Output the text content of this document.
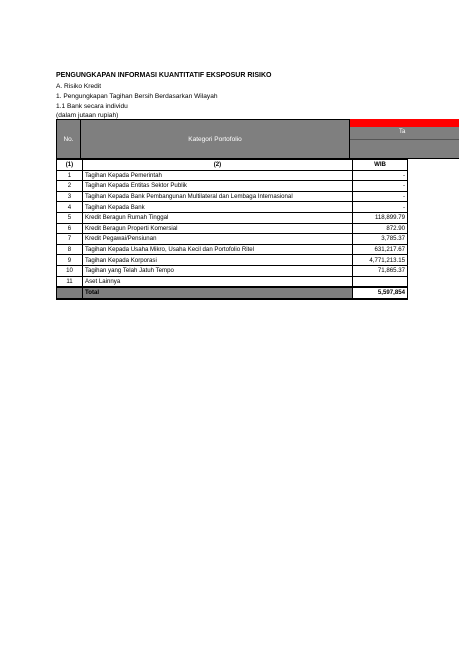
PENGUNGKAPAN INFORMASI KUANTITATIF EKSPOSUR RISIKO
A. Risiko Kredit
1. Pengungkapan Tagihan Bersih Berdasarkan Wilayah
1.1 Bank secara individu
(dalam jutaan rupiah)
No.	Kategori Portofolio
Ta
(1)	(2)	WIB
1	Tagihan Kepada Pemerintah	-
2	Tagihan Kepada Entitas Sektor Publik	-
3	Tagihan Kepada Bank Pembangunan Multilateral dan Lembaga Internasional	-
4	Tagihan Kepada Bank	-
5	Kredit Beragun Rumah Tinggal	118,899.79
6	Kredit Beragun Properti Komersial	872.90
7	Kredit Pegawai/Pensiunan	3,785.37
8	Tagihan Kepada Usaha Mikro, Usaha Kecil dan Portofolio Ritel	631,217.67
9	Tagihan Kepada Korporasi	4,771,213.15
10	Tagihan yang Telah Jatuh Tempo	71,865.37
11	Aset Lainnya	
	Total	5,597,854
